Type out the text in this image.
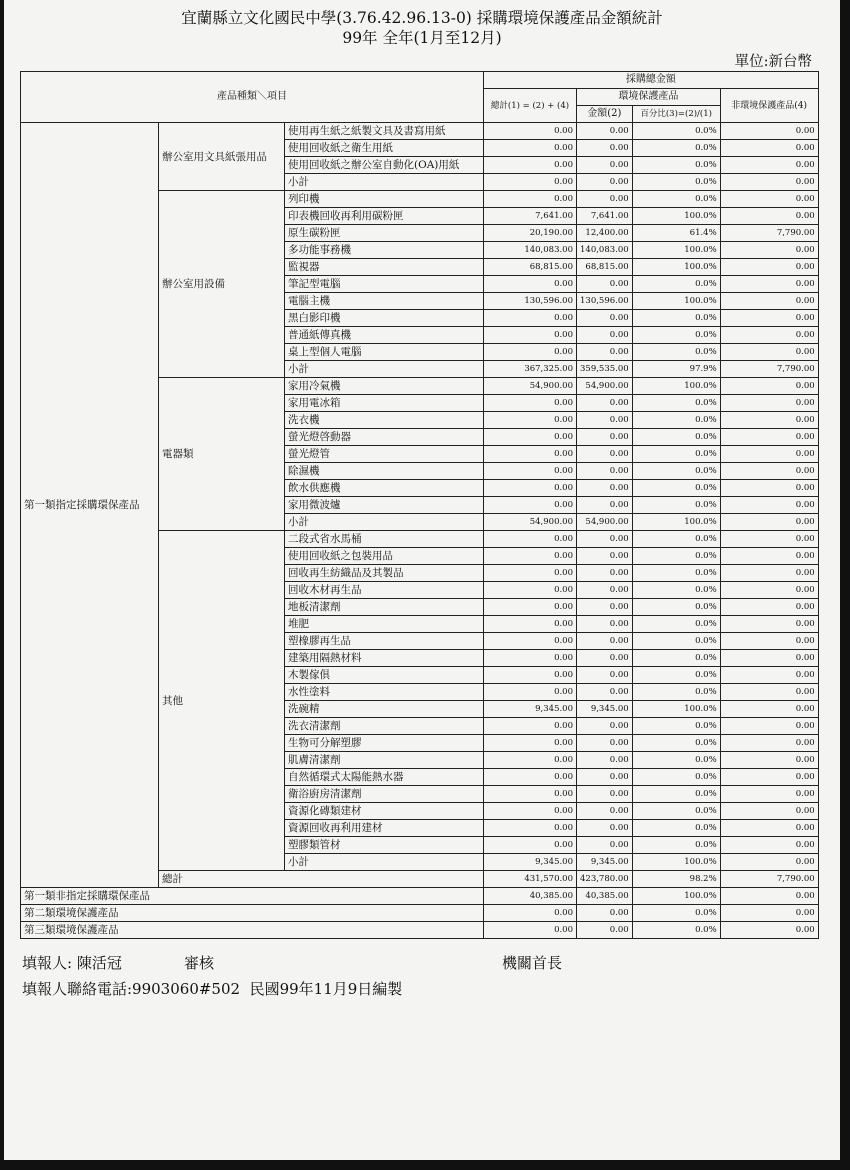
宜蘭縣立文化國民中學(3.76.42.96.13-0) 採購環境保護產品金額統計
99年 全年(1月至12月)
單位:新台幣
產品種類＼項目			採購總金額			
			總計(1) = (2) + (4)	環境保護產品		非環境保護產品(4)
				金額(2)	百分比(3)=(2)/(1)	
第一類指定採購環保產品	辦公室用文具紙張用品	使用再生紙之紙製文具及書寫用紙	0.00	0.00	0.0%	0.00
		使用回收紙之衛生用紙	0.00	0.00	0.0%	0.00
		使用回收紙之辦公室自動化(OA)用紙	0.00	0.00	0.0%	0.00
		小計	0.00	0.00	0.0%	0.00
	辦公室用設備	列印機	0.00	0.00	0.0%	0.00
		印表機回收再利用碳粉匣	7,641.00	7,641.00	100.0%	0.00
		原生碳粉匣	20,190.00	12,400.00	61.4%	7,790.00
		多功能事務機	140,083.00	140,083.00	100.0%	0.00
		監視器	68,815.00	68,815.00	100.0%	0.00
		筆記型電腦	0.00	0.00	0.0%	0.00
		電腦主機	130,596.00	130,596.00	100.0%	0.00
		黑白影印機	0.00	0.00	0.0%	0.00
		普通紙傳真機	0.00	0.00	0.0%	0.00
		桌上型個人電腦	0.00	0.00	0.0%	0.00
		小計	367,325.00	359,535.00	97.9%	7,790.00
	電器類	家用冷氣機	54,900.00	54,900.00	100.0%	0.00
		家用電冰箱	0.00	0.00	0.0%	0.00
		洗衣機	0.00	0.00	0.0%	0.00
		螢光燈啓動器	0.00	0.00	0.0%	0.00
		螢光燈管	0.00	0.00	0.0%	0.00
		除濕機	0.00	0.00	0.0%	0.00
		飲水供應機	0.00	0.00	0.0%	0.00
		家用微波爐	0.00	0.00	0.0%	0.00
		小計	54,900.00	54,900.00	100.0%	0.00
	其他	二段式省水馬桶	0.00	0.00	0.0%	0.00
		使用回收紙之包裝用品	0.00	0.00	0.0%	0.00
		回收再生紡織品及其製品	0.00	0.00	0.0%	0.00
		回收木材再生品	0.00	0.00	0.0%	0.00
		地板清潔劑	0.00	0.00	0.0%	0.00
		堆肥	0.00	0.00	0.0%	0.00
		塑橡膠再生品	0.00	0.00	0.0%	0.00
		建築用隔熱材料	0.00	0.00	0.0%	0.00
		木製傢俱	0.00	0.00	0.0%	0.00
		水性塗料	0.00	0.00	0.0%	0.00
		洗碗精	9,345.00	9,345.00	100.0%	0.00
		洗衣清潔劑	0.00	0.00	0.0%	0.00
		生物可分解塑膠	0.00	0.00	0.0%	0.00
		肌膚清潔劑	0.00	0.00	0.0%	0.00
		自然循環式太陽能熱水器	0.00	0.00	0.0%	0.00
		衛浴廚房清潔劑	0.00	0.00	0.0%	0.00
		資源化磚類建材	0.00	0.00	0.0%	0.00
		資源回收再利用建材	0.00	0.00	0.0%	0.00
		塑膠類管材	0.00	0.00	0.0%	0.00
		小計	9,345.00	9,345.00	100.0%	0.00
	總計		431,570.00	423,780.00	98.2%	7,790.00
第一類非指定採購環保產品			40,385.00	40,385.00	100.0%	0.00
第二類環境保護產品			0.00	0.00	0.0%	0.00
第三類環境保護產品			0.00	0.00	0.0%	0.00
填報人: 陳活冠	審核	機關首長
填報人聯絡電話:9903060#502  民國99年11月9日編製
